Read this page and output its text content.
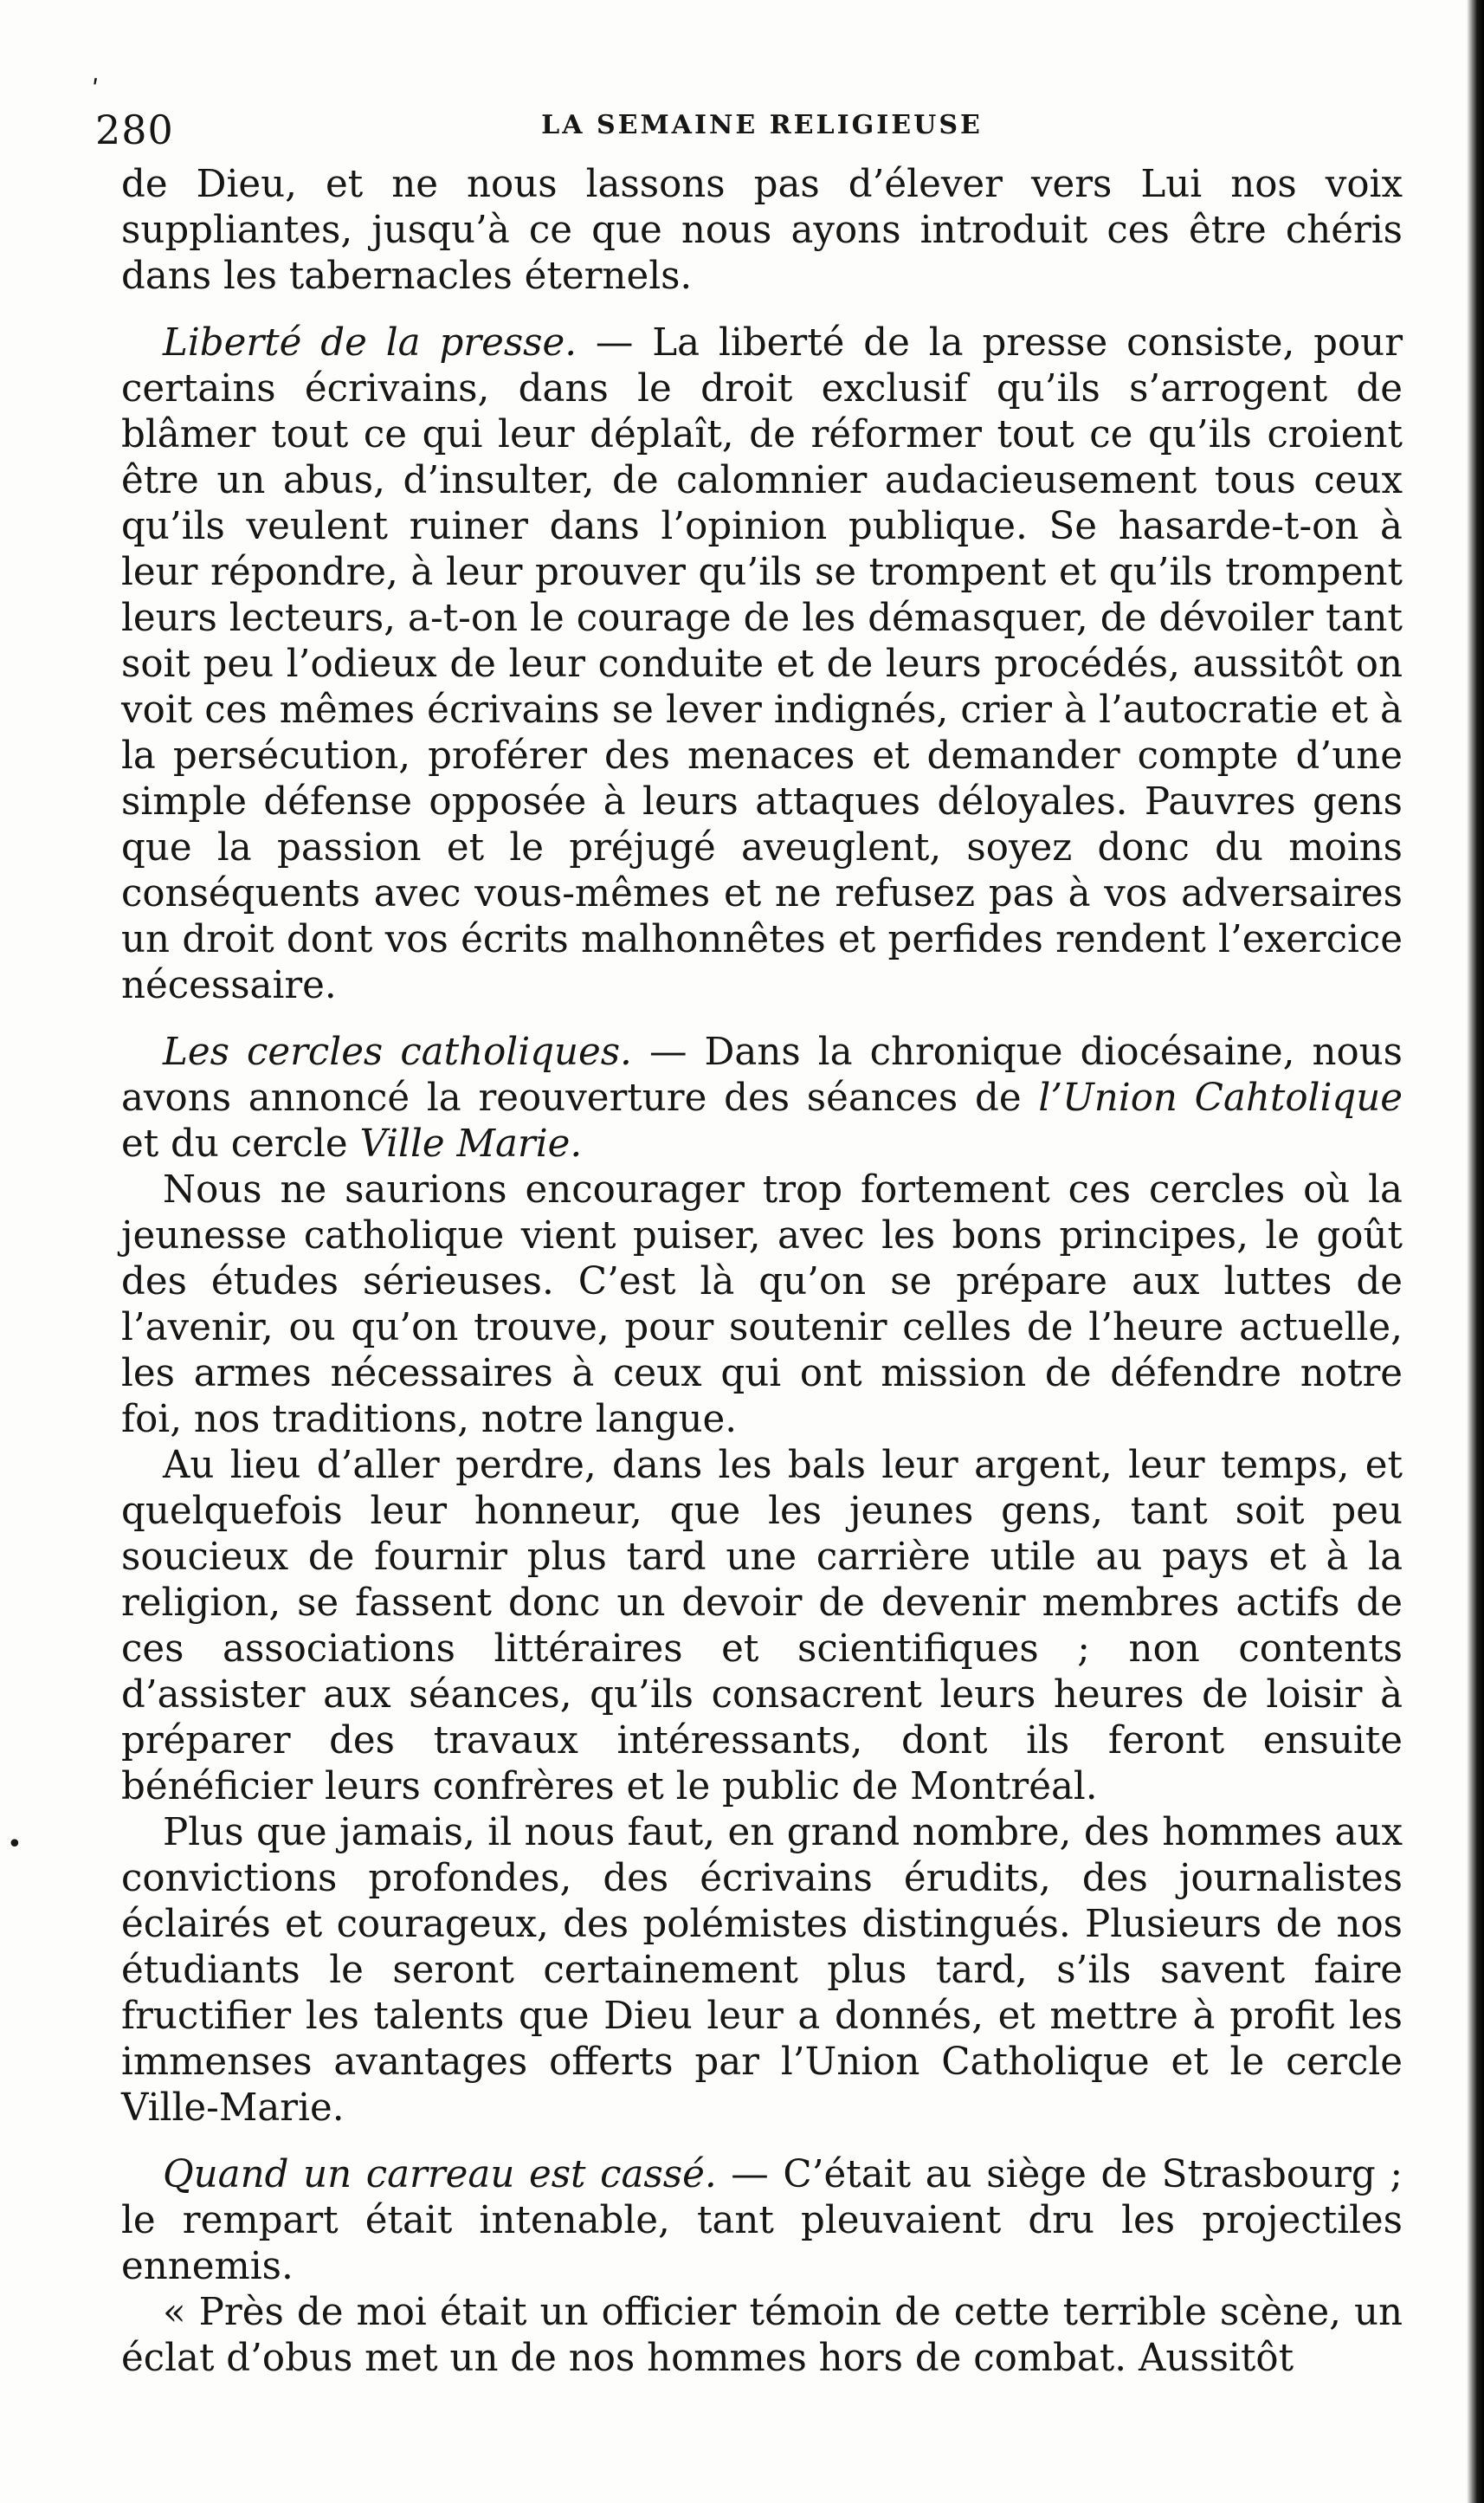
•
ʹ
280	LA SEMAINE RELIGIEUSE

de Dieu, et ne nous lassons pas d’élever vers Lui nos voix suppliantes, jusqu’à ce que nous ayons introduit ces être chéris dans les tabernacles éternels.

Liberté de la presse. — La liberté de la presse consiste, pour certains écrivains, dans le droit exclusif qu’ils s’arrogent de blâmer tout ce qui leur déplaît, de réformer tout ce qu’ils croient être un abus, d’insulter, de calomnier audacieusement tous ceux qu’ils veulent ruiner dans l’opinion publique. Se hasarde-t-on à leur répondre, à leur prouver qu’ils se trompent et qu’ils trompent leurs lecteurs, a-t-on le courage de les démasquer, de dévoiler tant soit peu l’odieux de leur conduite et de leurs procédés, aussitôt on voit ces mêmes écrivains se lever indignés, crier à l’autocratie et à la persécution, proférer des menaces et demander compte d’une simple défense opposée à leurs attaques déloyales. Pauvres gens que la passion et le préjugé aveuglent, soyez donc du moins conséquents avec vous-mêmes et ne refusez pas à vos adversaires un droit dont vos écrits malhonnêtes et perfides rendent l’exercice nécessaire.

Les cercles catholiques. — Dans la chronique diocésaine, nous avons annoncé la reouverture des séances de l’Union Cahtolique et du cercle Ville Marie.

Nous ne saurions encourager trop fortement ces cercles où la jeunesse catholique vient puiser, avec les bons principes, le goût des études sérieuses. C’est là qu’on se prépare aux luttes de l’avenir, ou qu’on trouve, pour soutenir celles de l’heure actuelle, les armes nécessaires à ceux qui ont mission de défendre notre foi, nos traditions, notre langue.

Au lieu d’aller perdre, dans les bals leur argent, leur temps, et quelquefois leur honneur, que les jeunes gens, tant soit peu soucieux de fournir plus tard une carrière utile au pays et à la religion, se fassent donc un devoir de devenir membres actifs de ces associations littéraires et scientifiques ; non contents d’assister aux séances, qu’ils consacrent leurs heures de loisir à préparer des travaux intéressants, dont ils feront ensuite bénéficier leurs confrères et le public de Montréal.

Plus que jamais, il nous faut, en grand nombre, des hommes aux convictions profondes, des écrivains érudits, des journalistes éclairés et courageux, des polémistes distingués. Plusieurs de nos étudiants le seront certainement plus tard, s’ils savent faire fructifier les talents que Dieu leur a donnés, et mettre à profit les immenses avantages offerts par l’Union Catholique et le cercle Ville-Marie.

Quand un carreau est cassé. — C’était au siège de Strasbourg ; le rempart était intenable, tant pleuvaient dru les projectiles ennemis.

« Près de moi était un officier témoin de cette terrible scène, un éclat d’obus met un de nos hommes hors de combat. Aussitôt
